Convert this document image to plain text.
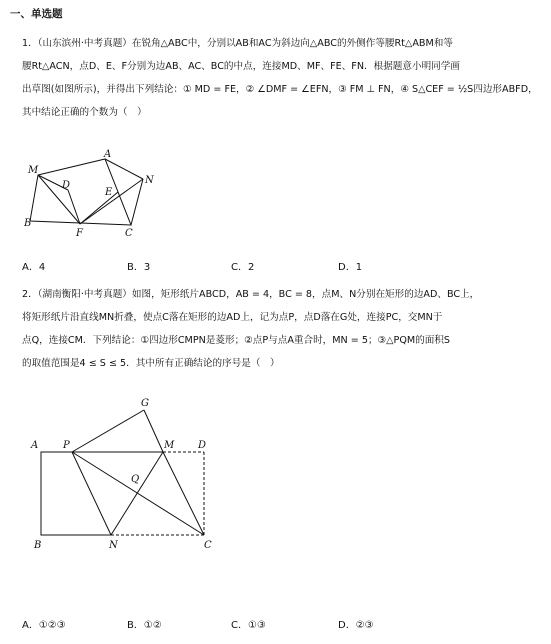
一、单选题
1．（山东滨州·中考真题）在锐角△ABC中，分别以AB和AC为斜边向△ABC的外侧作等腰Rt△ABM和等
腰Rt△ACN，点D、E、F分别为边AB、AC、BC的中点，连接MD、MF、FE、FN．根据题意小明同学画
出草图(如图所示)，并得出下列结论：① MD = FE，② ∠DMF = ∠EFN，③ FM ⊥ FN，④ S△CEF = ½S四边形ABFD，
其中结论正确的个数为（　）
M
A
D
E
N
B
F	C
A．4	B．3	C．2	D．1
2．（湖南衡阳·中考真题）如图，矩形纸片ABCD，AB = 4，BC = 8，点M、N分别在矩形的边AD、BC上，
将矩形纸片沿直线MN折叠，使点C落在矩形的边AD上，记为点P，点D落在G处，连接PC，交MN于
点Q，连接CM．下列结论：①四边形CMPN是菱形；②点P与点A重合时，MN = 5；③△PQM的面积S
的取值范围是4 ≤ S ≤ 5．其中所有正确结论的序号是（　）
G
A P	M D
Q
B	N	C
A．①②③	B．①②	C．①③	D．②③
